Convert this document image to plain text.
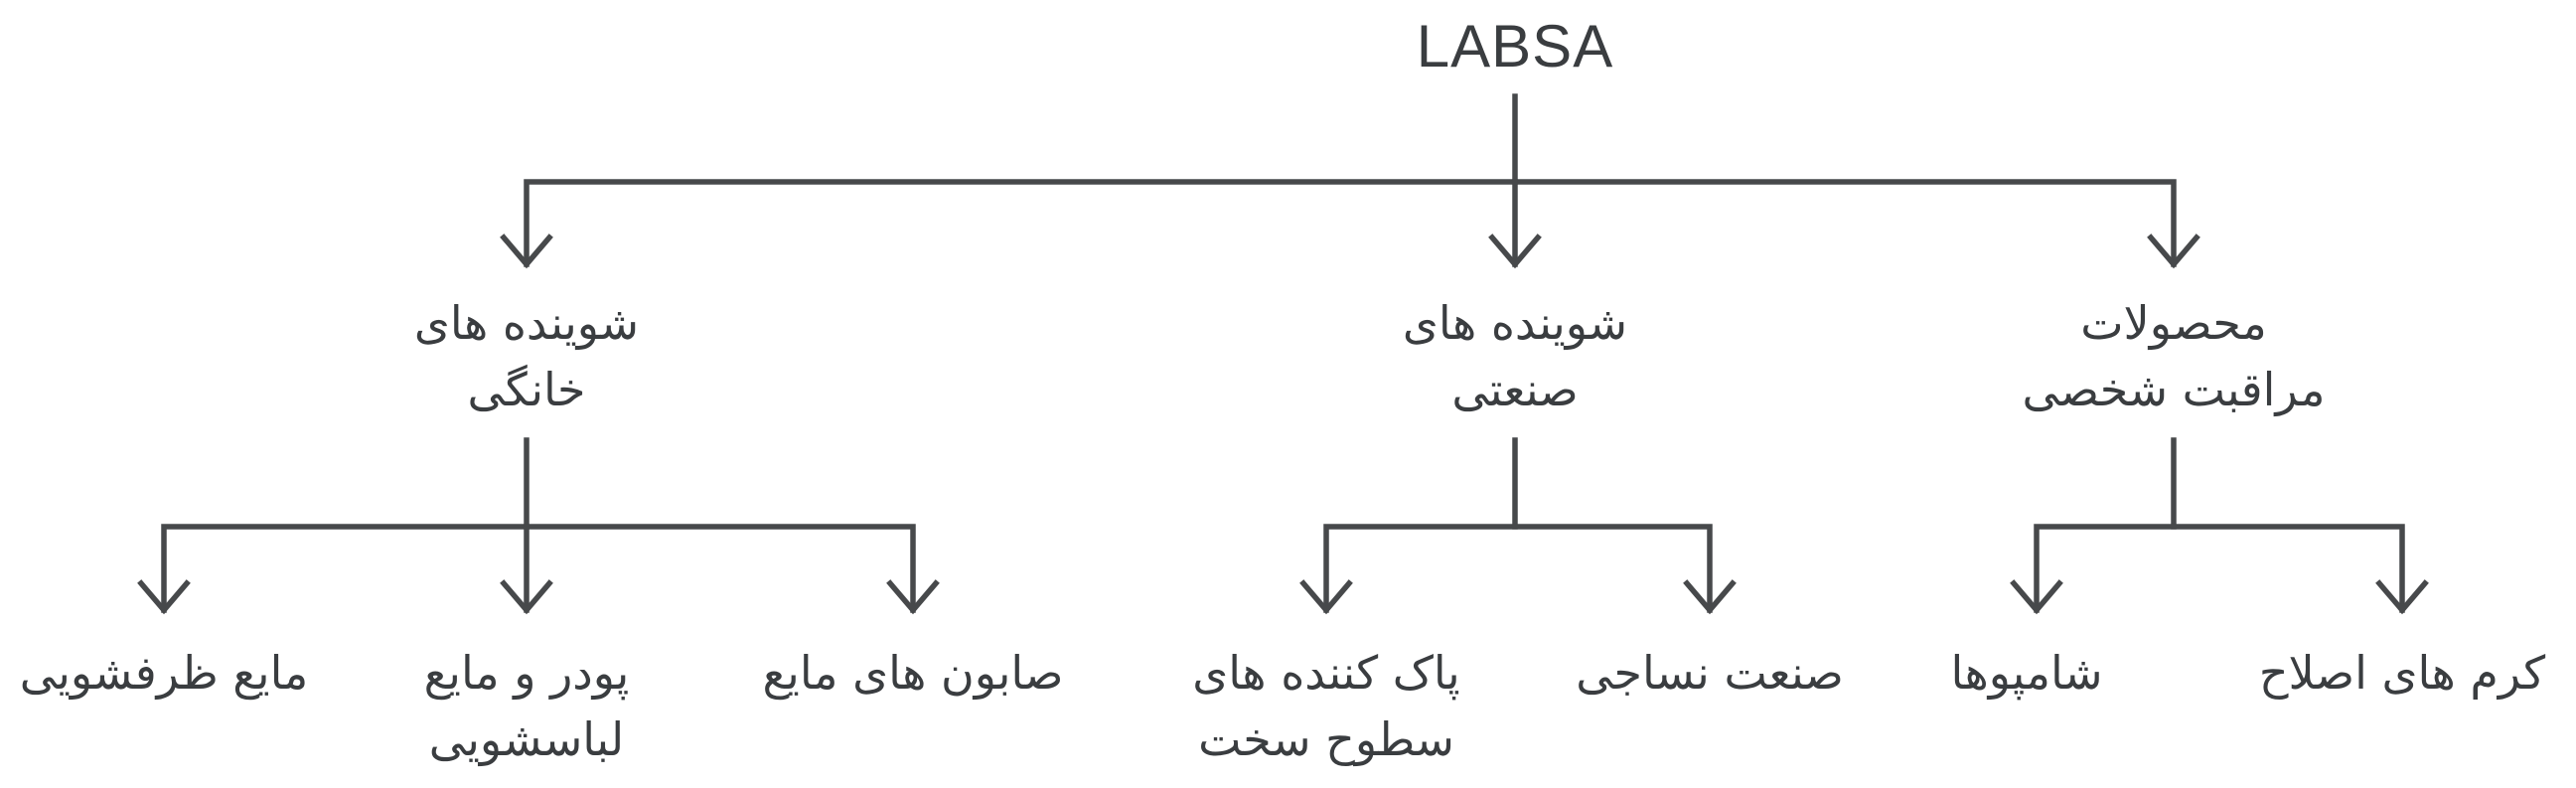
LABSA
شوینده های
خانگی
شوینده های
صنعتی
محصولات
مراقبت شخصی
مایع ظرفشویی	پودر و مایع
لباسشویی
صابون های مایع	پاک کننده های
سطوح سخت
صنعت نساجی شامپوها	کرم های اصلاح
